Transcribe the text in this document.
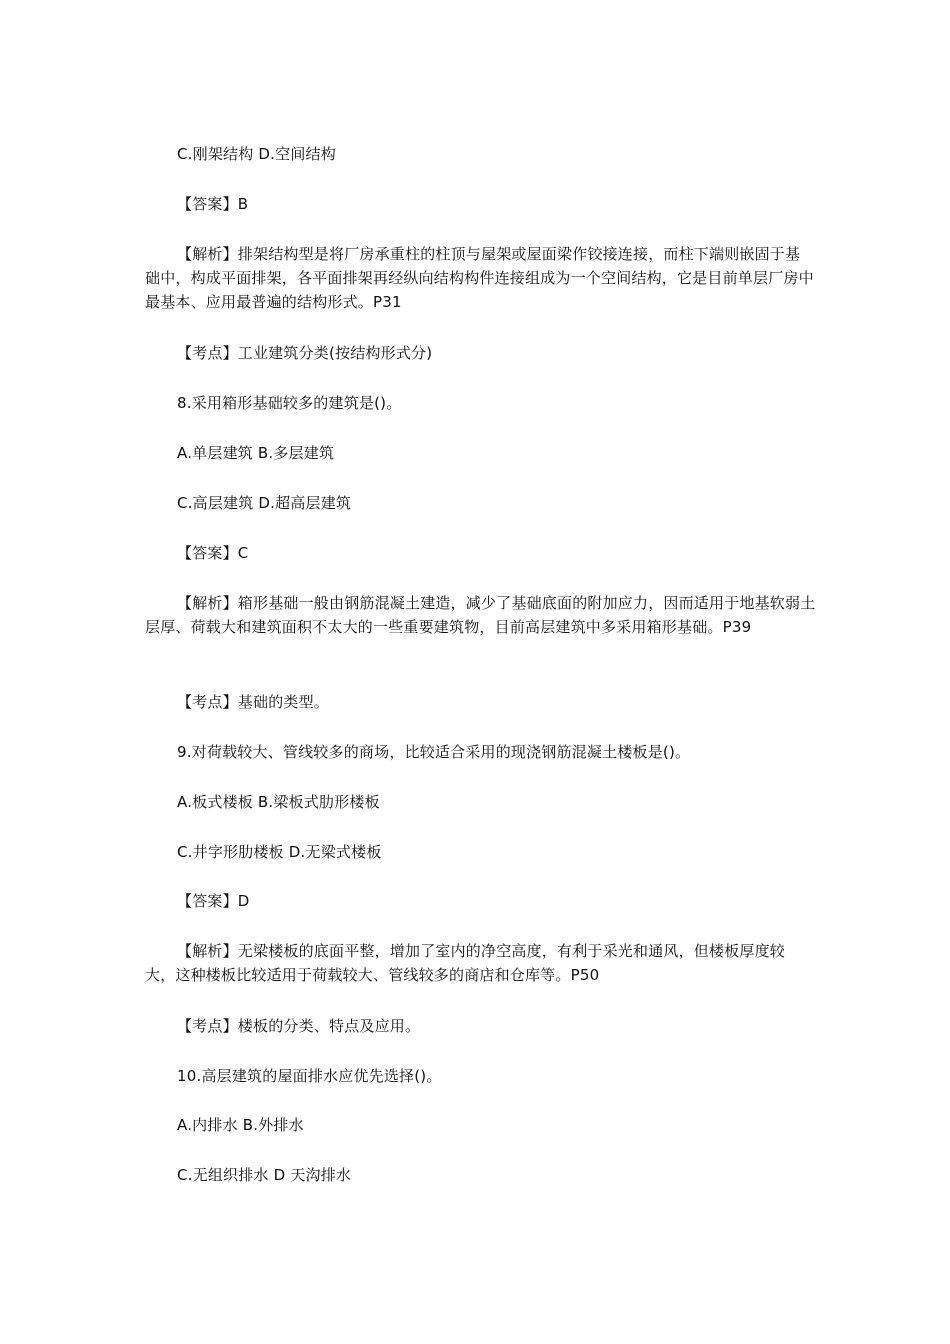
C.刚架结构 D.空间结构
【答案】B
【解析】排架结构型是将厂房承重柱的柱顶与屋架或屋面梁作铰接连接，而柱下端则嵌固于基础中，构成平面排架，各平面排架再经纵向结构构件连接组成为一个空间结构，它是目前单层厂房中最基本、应用最普遍的结构形式。P31
【考点】工业建筑分类(按结构形式分)
8.采用箱形基础较多的建筑是()。
A.单层建筑 B.多层建筑
C.高层建筑 D.超高层建筑
【答案】C
【解析】箱形基础一般由钢筋混凝土建造，减少了基础底面的附加应力，因而适用于地基软弱土层厚、荷载大和建筑面积不太大的一些重要建筑物，目前高层建筑中多采用箱形基础。P39
【考点】基础的类型。
9.对荷载较大、管线较多的商场，比较适合采用的现浇钢筋混凝土楼板是()。
A.板式楼板 B.梁板式肋形楼板
C.井字形肋楼板 D.无梁式楼板
【答案】D
【解析】无梁楼板的底面平整，增加了室内的净空高度，有利于采光和通风，但楼板厚度较大，这种楼板比较适用于荷载较大、管线较多的商店和仓库等。P50
【考点】楼板的分类、特点及应用。
10.高层建筑的屋面排水应优先选择()。
A.内排水 B.外排水
C.无组织排水 D 天沟排水
